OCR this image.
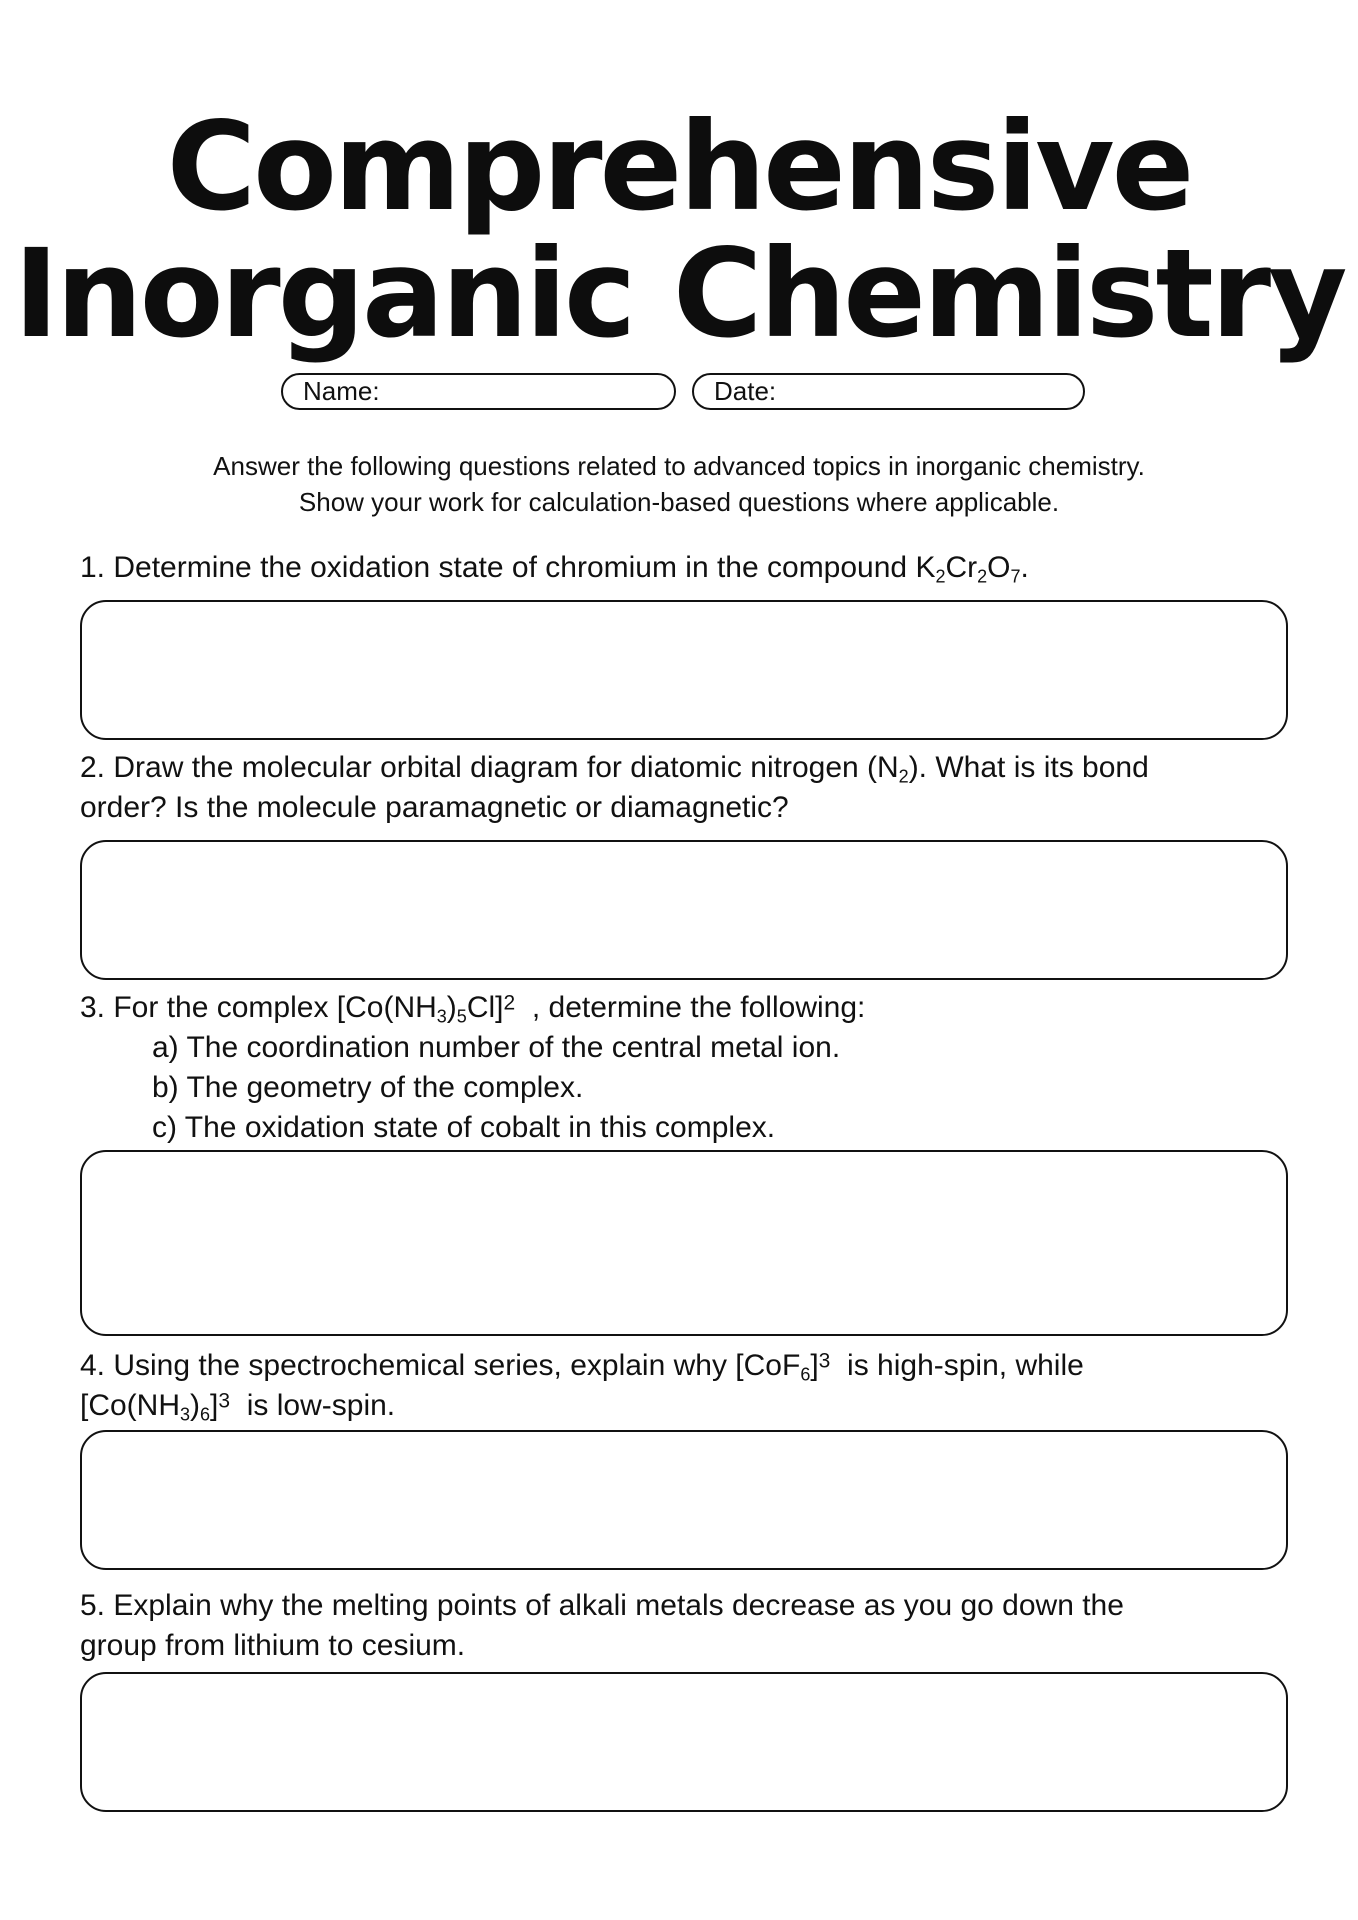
Comprehensive
Inorganic Chemistry
Name:	Date:
Answer the following questions related to advanced topics in inorganic chemistry.
Show your work for calculation-based questions where applicable.
1. Determine the oxidation state of chromium in the compound $K_2Cr_2O_7$.
2. Draw the molecular orbital diagram for diatomic nitrogen $(N_2)$. What is its bond
order? Is the molecule paramagnetic or diamagnetic?
3. For the complex $[Co(NH_3)_5Cl]^2$  , determine the following:
a) The coordination number of the central metal ion.
b) The geometry of the complex.
c) The oxidation state of cobalt in this complex.
4. Using the spectrochemical series, explain why $[CoF_6]^3$  is high-spin, while
$[Co(NH_3)_6]^3$  is low-spin.
5. Explain why the melting points of alkali metals decrease as you go down the
group from lithium to cesium.
